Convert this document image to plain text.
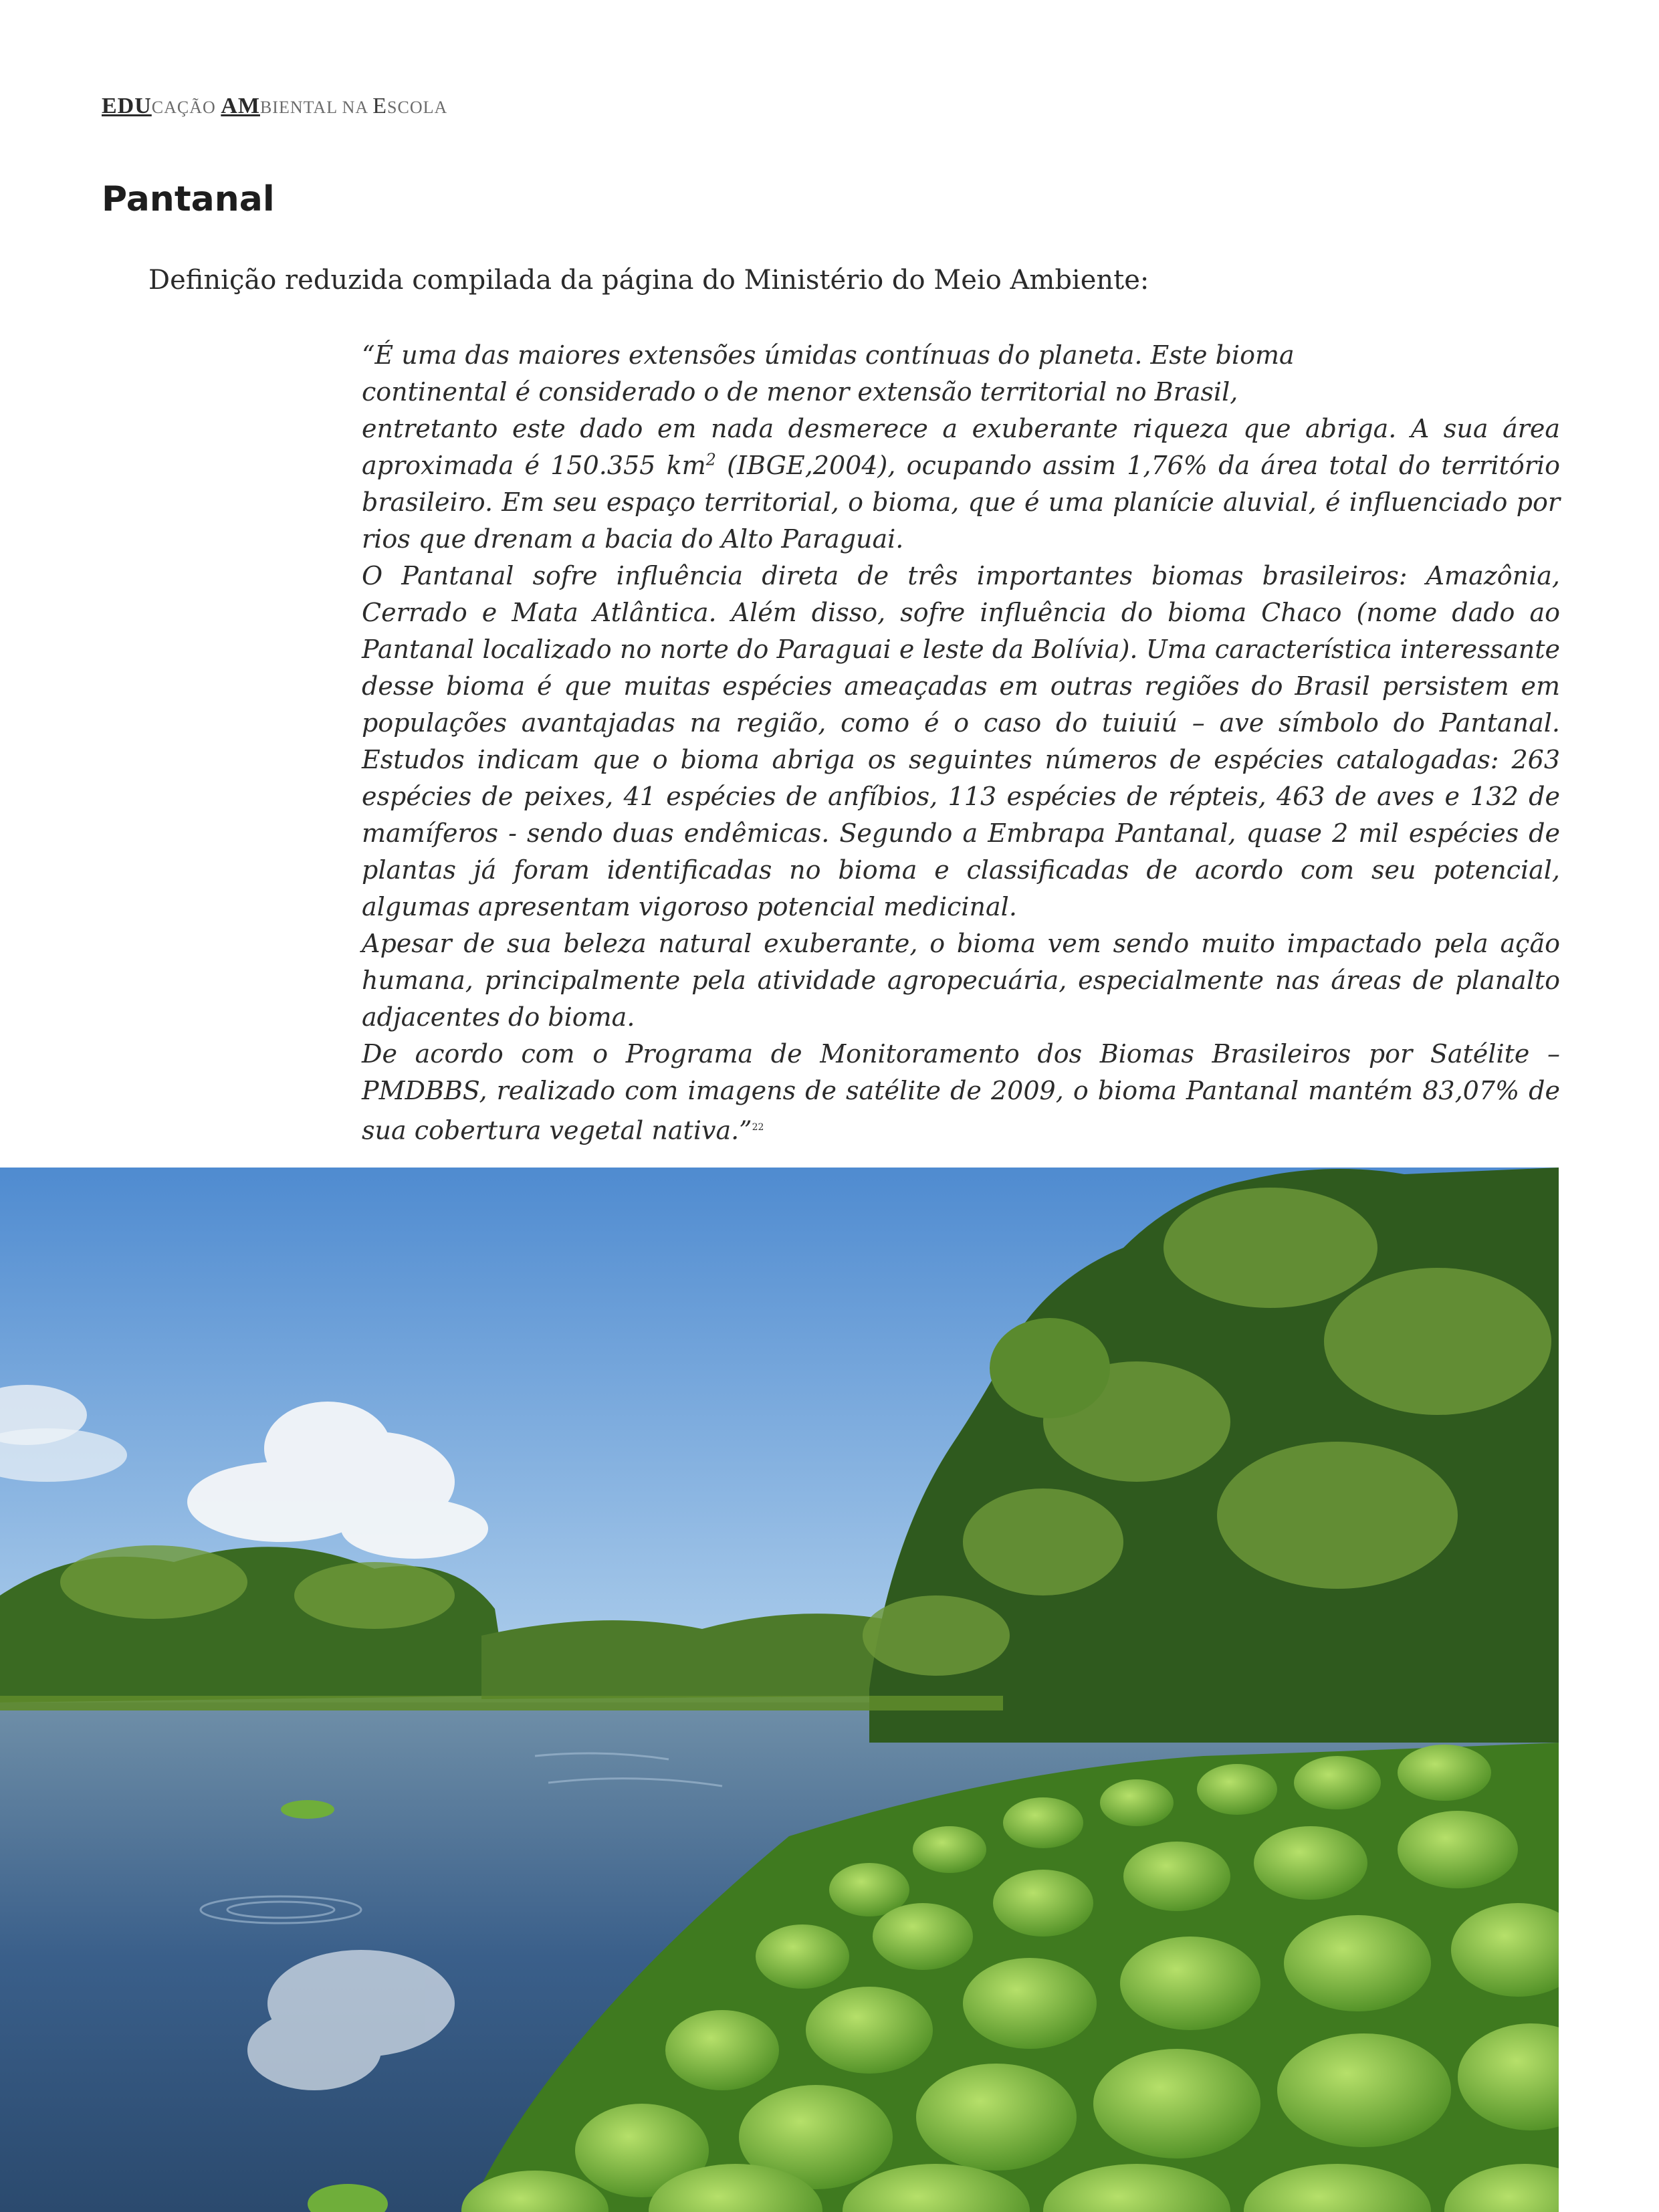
EDUCAÇÃO AMBIENTAL NA ESCOLA
Pantanal

Definição reduzida compilada da página do Ministério do Meio Ambiente:

“É uma das maiores extensões úmidas contínuas do planeta. Este bioma

continental é considerado o de menor extensão territorial no Brasil,

entretanto este dado em nada desmerece a exuberante riqueza que abriga. A sua área aproximada é 150.355 $km^2$ (IBGE,2004), ocupando assim 1,76% da área total do território brasileiro. Em seu espaço territorial, o bioma, que é uma planície aluvial, é influenciado por rios que drenam a bacia do Alto Paraguai.

O Pantanal sofre influência direta de três importantes biomas brasileiros: Amazônia, Cerrado e Mata Atlântica. Além disso, sofre influência do bioma Chaco (nome dado ao Pantanal localizado no norte do Paraguai e leste da Bolívia). Uma característica interessante desse bioma é que muitas espécies ameaçadas em outras regiões do Brasil persistem em populações avantajadas na região, como é o caso do tuiuiú – ave símbolo do Pantanal. Estudos indicam que o bioma abriga os seguintes números de espécies catalogadas: 263 espécies de peixes, 41 espécies de anfíbios, 113 espécies de répteis, 463 de aves e 132 de mamíferos - sendo duas endêmicas. Segundo a Embrapa Pantanal, quase 2 mil espécies de plantas já foram identificadas no bioma e classificadas de acordo com seu potencial, algumas apresentam vigoroso potencial medicinal.

Apesar de sua beleza natural exuberante, o bioma vem sendo muito impactado pela ação humana, principalmente pela atividade agropecuária, especialmente nas áreas de planalto adjacentes do bioma.

De acordo com o Programa de Monitoramento dos Biomas Brasileiros por Satélite – PMDBBS, realizado com imagens de satélite de 2009, o bioma Pantanal mantém 83,07% de sua cobertura vegetal nativa.”$^{22}$
